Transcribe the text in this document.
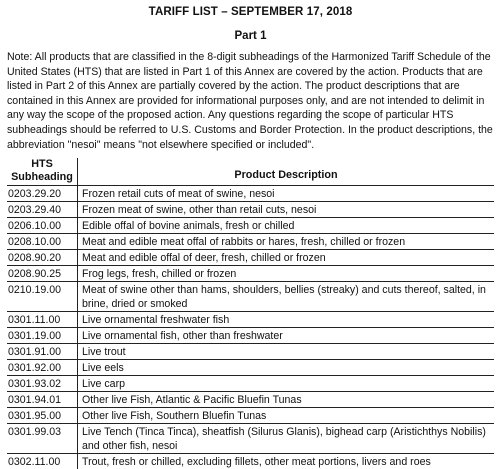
TARIFF LIST – SEPTEMBER 17, 2018
Part 1
Note: All products that are classified in the 8-digit subheadings of the Harmonized Tariff Schedule of the United States (HTS) that are listed in Part 1 of this Annex are covered by the action. Products that are listed in Part 2 of this Annex are partially covered by the action. The product descriptions that are contained in this Annex are provided for informational purposes only, and are not intended to delimit in any way the scope of the proposed action. Any questions regarding the scope of particular HTS subheadings should be referred to U.S. Customs and Border Protection. In the product descriptions, the abbreviation "nesoi" means "not elsewhere specified or included".
HTS
Subheading	Product Description
0203.29.20	Frozen retail cuts of meat of swine, nesoi
0203.29.40	Frozen meat of swine, other than retail cuts, nesoi
0206.10.00	Edible offal of bovine animals, fresh or chilled
0208.10.00	Meat and edible meat offal of rabbits or hares, fresh, chilled or frozen
0208.90.20	Meat and edible offal of deer, fresh, chilled or frozen
0208.90.25	Frog legs, fresh, chilled or frozen
0210.19.00	Meat of swine other than hams, shoulders, bellies (streaky) and cuts thereof, salted, in brine, dried or smoked
0301.11.00	Live ornamental freshwater fish
0301.19.00	Live ornamental fish, other than freshwater
0301.91.00	Live trout
0301.92.00	Live eels
0301.93.02	Live carp
0301.94.01	Other live Fish, Atlantic & Pacific Bluefin Tunas
0301.95.00	Other live Fish, Southern Bluefin Tunas
0301.99.03	Live Tench (Tinca Tinca), sheatfish (Silurus Glanis), bighead carp (Aristichthys Nobilis) and other fish, nesoi
0302.11.00	Trout, fresh or chilled, excluding fillets, other meat portions, livers and roes
